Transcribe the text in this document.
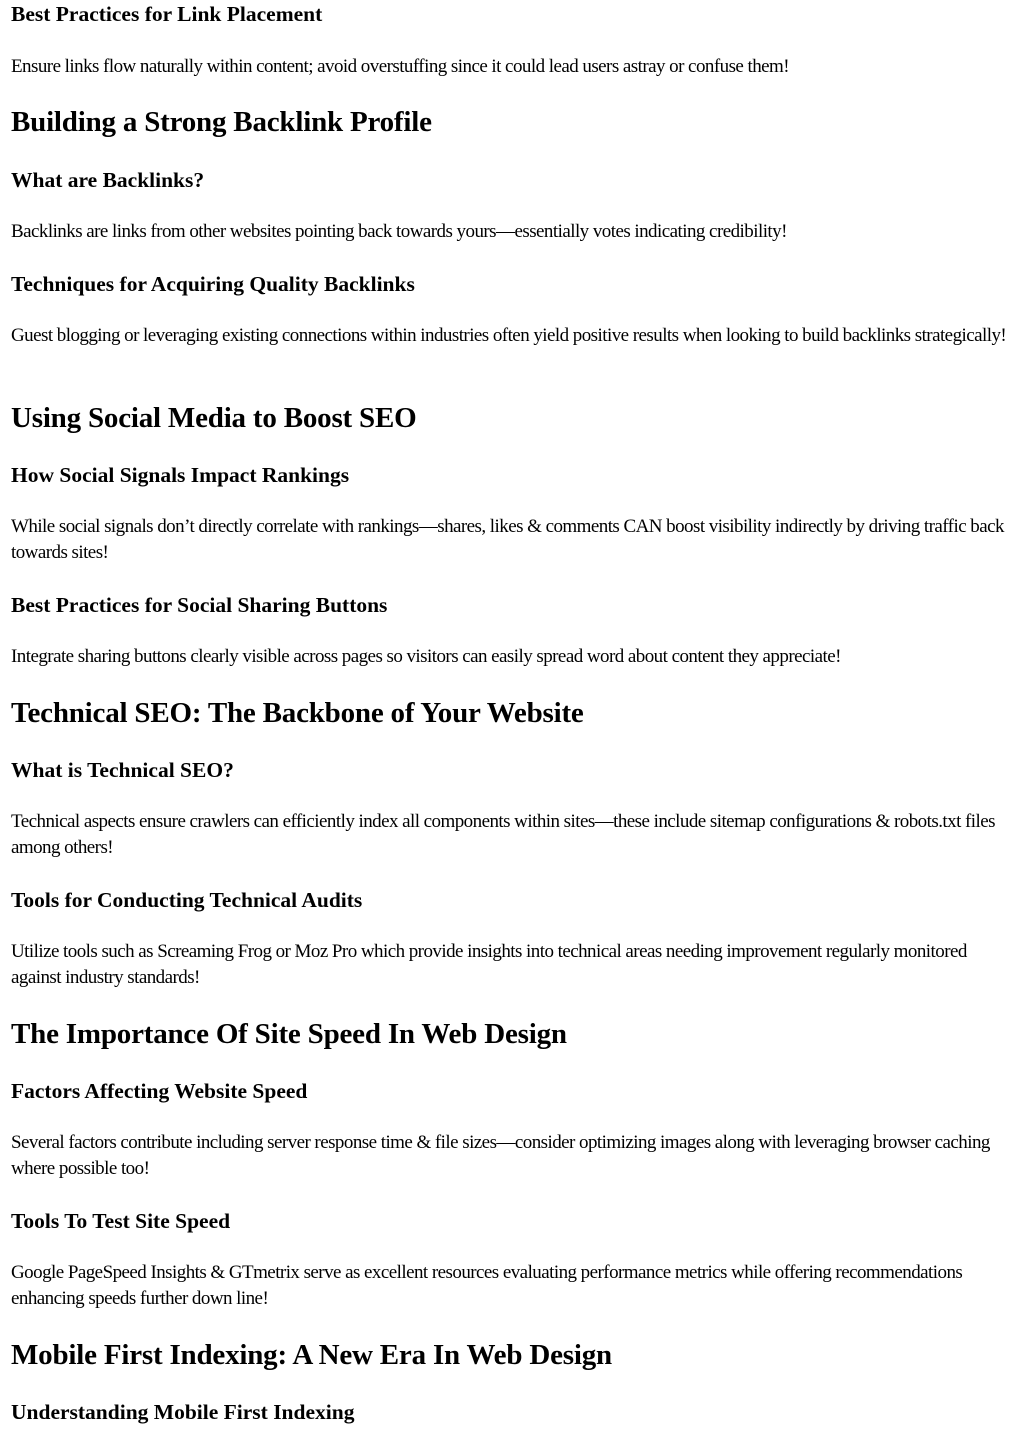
Best Practices for Link Placement

Ensure links flow naturally within content; avoid overstuffing since it could lead users astray or confuse them!

Building a Strong Backlink Profile
What are Backlinks?

Backlinks are links from other websites pointing back towards yours—essentially votes indicating credibility!

Techniques for Acquiring Quality Backlinks

Guest blogging or leveraging existing connections within industries often yield positive results when looking to build backlinks strategically!

Using Social Media to Boost SEO
How Social Signals Impact Rankings

While social signals don’t directly correlate with rankings—shares, likes & comments CAN boost visibility indirectly by driving traffic back towards sites!

Best Practices for Social Sharing Buttons

Integrate sharing buttons clearly visible across pages so visitors can easily spread word about content they appreciate!

Technical SEO: The Backbone of Your Website
What is Technical SEO?

Technical aspects ensure crawlers can efficiently index all components within sites—these include sitemap configurations & robots.txt files among others!

Tools for Conducting Technical Audits

Utilize tools such as Screaming Frog or Moz Pro which provide insights into technical areas needing improvement regularly monitored against industry standards!

The Importance Of Site Speed In Web Design
Factors Affecting Website Speed

Several factors contribute including server response time & file sizes—consider optimizing images along with leveraging browser caching where possible too!

Tools To Test Site Speed

Google PageSpeed Insights & GTmetrix serve as excellent resources evaluating performance metrics while offering recommendations enhancing speeds further down line!

Mobile First Indexing: A New Era In Web Design
Understanding Mobile First Indexing
